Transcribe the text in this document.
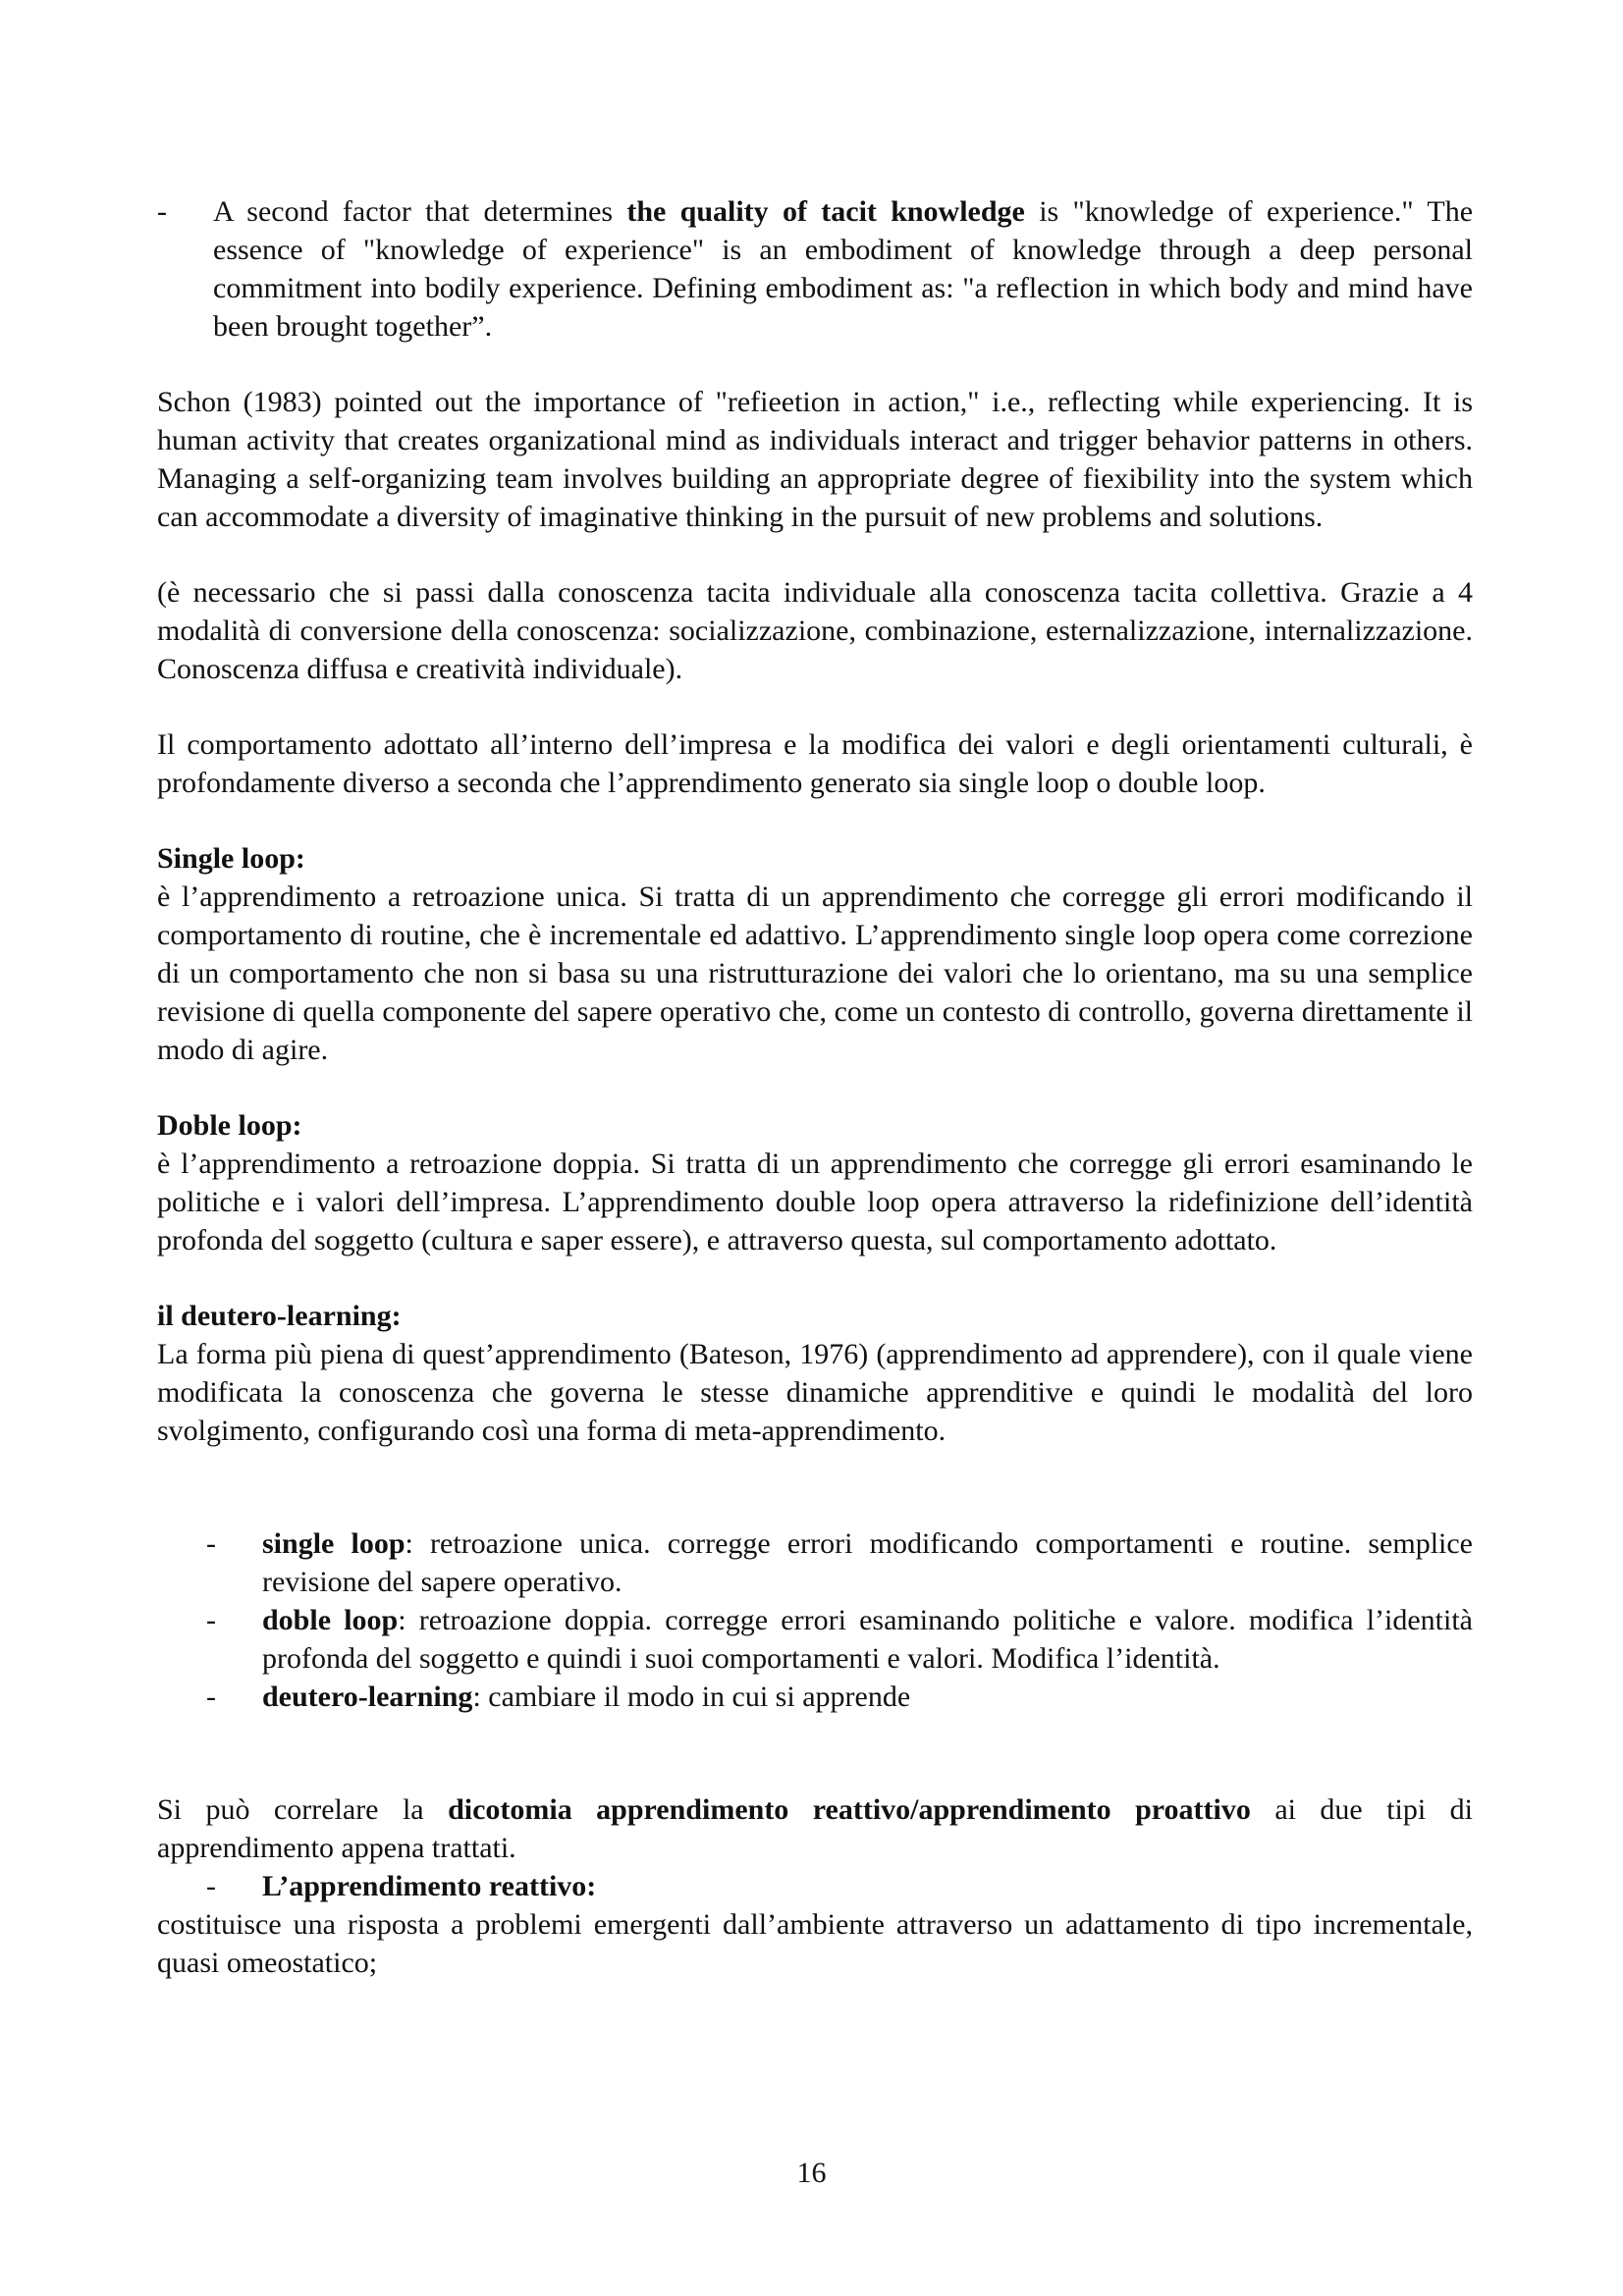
-	A second factor that determines the quality of tacit knowledge is "knowledge of experience." The essence of "knowledge of experience" is an embodiment of knowledge through a deep personal commitment into bodily experience. Defining embodiment as: "a reflection in which body and mind have been brought together”.

Schon (1983) pointed out the importance of "refieetion in action," i.e., reflecting while experiencing. It is human activity that creates organizational mind as individuals interact and trigger behavior patterns in others. Managing a self-organizing team involves building an appropriate degree of fiexibility into the system which can accommodate a diversity of imaginative thinking in the pursuit of new problems and solutions.

(è necessario che si passi dalla conoscenza tacita individuale alla conoscenza tacita collettiva. Grazie a 4 modalità di conversione della conoscenza: socializzazione, combinazione, esternalizzazione, internalizzazione. Conoscenza diffusa e creatività individuale).

Il comportamento adottato all’interno dell’impresa e la modifica dei valori e degli orientamenti culturali, è profondamente diverso a seconda che l’apprendimento generato sia single loop o double loop.

Single loop:

è l’apprendimento a retroazione unica. Si tratta di un apprendimento che corregge gli errori modificando il comportamento di routine, che è incrementale ed adattivo. L’apprendimento single loop opera come correzione di un comportamento che non si basa su una ristrutturazione dei valori che lo orientano, ma su una semplice revisione di quella componente del sapere operativo che, come un contesto di controllo, governa direttamente il modo di agire.

Doble loop:

è l’apprendimento a retroazione doppia. Si tratta di un apprendimento che corregge gli errori esaminando le politiche e i valori dell’impresa. L’apprendimento double loop opera attraverso la ridefinizione dell’identità profonda del soggetto (cultura e saper essere), e attraverso questa, sul comportamento adottato.

il deutero-learning:

La forma più piena di quest’apprendimento (Bateson, 1976) (apprendimento ad apprendere), con il quale viene modificata la conoscenza che governa le stesse dinamiche apprenditive e quindi le modalità del loro svolgimento, configurando così una forma di meta-apprendimento.

-	single loop: retroazione unica. corregge errori modificando comportamenti e routine. semplice revisione del sapere operativo.

-	doble loop: retroazione doppia. corregge errori esaminando politiche e valore. modifica l’identità profonda del soggetto e quindi i suoi comportamenti e valori. Modifica l’identità.

-	deutero-learning: cambiare il modo in cui si apprende

Si può correlare la dicotomia apprendimento reattivo/apprendimento proattivo ai due tipi di apprendimento appena trattati.

-	L’apprendimento reattivo:

costituisce una risposta a problemi emergenti dall’ambiente attraverso un adattamento di tipo incrementale, quasi omeostatico;

16
